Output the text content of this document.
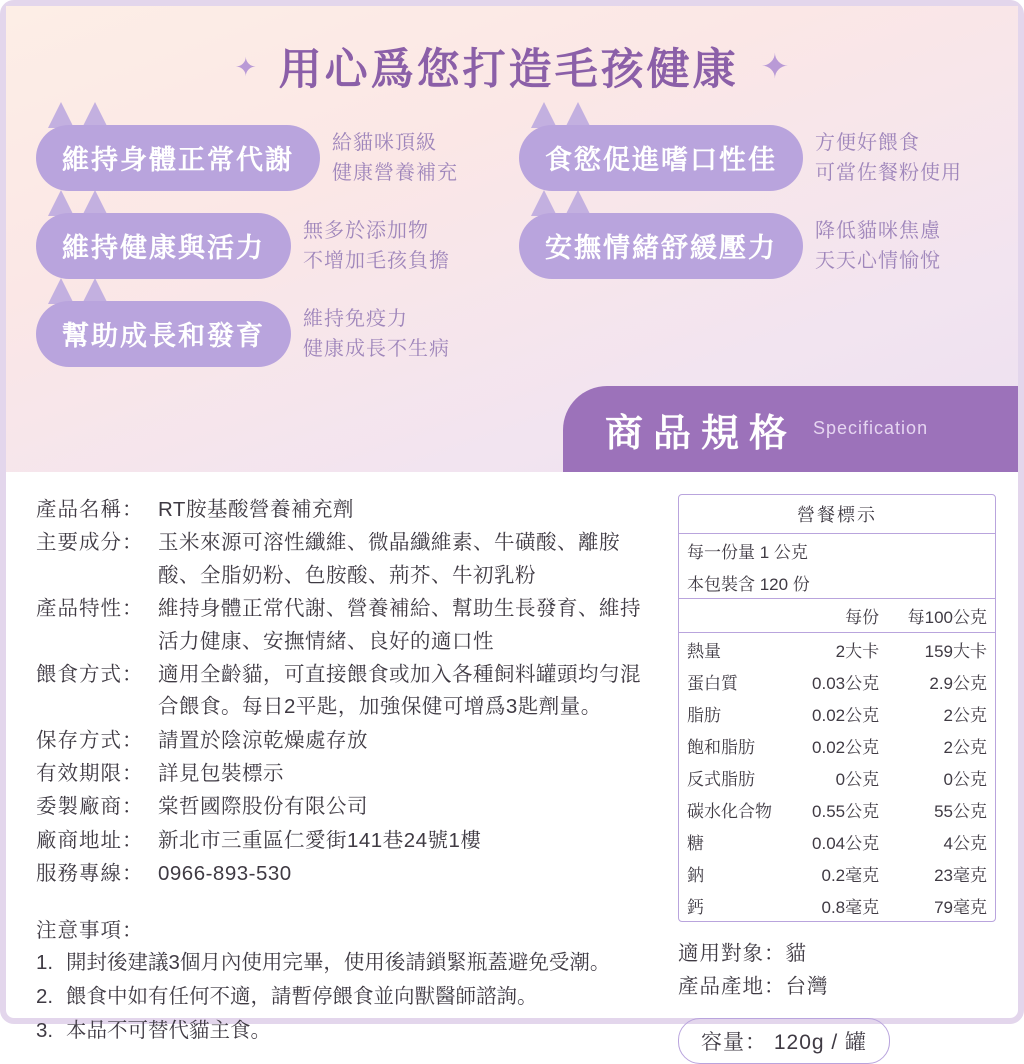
✦ 用心爲您打造毛孩健康 ✦
維持身體正常代謝
給貓咪頂級
健康營養補充	食慾促進嗜口性佳
方便好餵食
可當佐餐粉使用
維持健康與活力
無多於添加物
不增加毛孩負擔	安撫情緒舒緩壓力
降低貓咪焦慮
天天心情愉悅
幫助成長和發育
維持免疫力
健康成長不生病
商品規格 Specification
產品名稱： RT胺基酸營養補充劑
主要成分： 玉米來源可溶性纖維、微晶纖維素、牛磺酸、離胺酸、全脂奶粉、色胺酸、荊芥、牛初乳粉
產品特性： 維持身體正常代謝、營養補給、幫助生長發育、維持活力健康、安撫情緒、良好的適口性
餵食方式： 適用全齡貓，可直接餵食或加入各種飼料罐頭均勻混合餵食。每日2平匙，加強保健可增爲3匙劑量。
保存方式： 請置於陰涼乾燥處存放
有效期限： 詳見包裝標示
委製廠商： 棠哲國際股份有限公司
廠商地址： 新北市三重區仁愛街141巷24號1樓
服務專線： 0966-893-530
注意事項：
1. 開封後建議3個月內使用完畢，使用後請鎖緊瓶蓋避免受潮。
2. 餵食中如有任何不適，請暫停餵食並向獸醫師諮詢。
3. 本品不可替代貓主食。
營餐標示
每一份量 1 公克		
本包裝含 120 份		
	每份	每100公克
熱量	2大卡	159大卡
蛋白質	0.03公克	2.9公克
脂肪	0.02公克	2公克
飽和脂肪	0.02公克	2公克
反式脂肪	0公克	0公克
碳水化合物	0.55公克	55公克
糖	0.04公克	4公克
鈉	0.2毫克	23毫克
鈣	0.8毫克	79毫克
適用對象：貓
產品產地：台灣
容量： 120g / 罐
